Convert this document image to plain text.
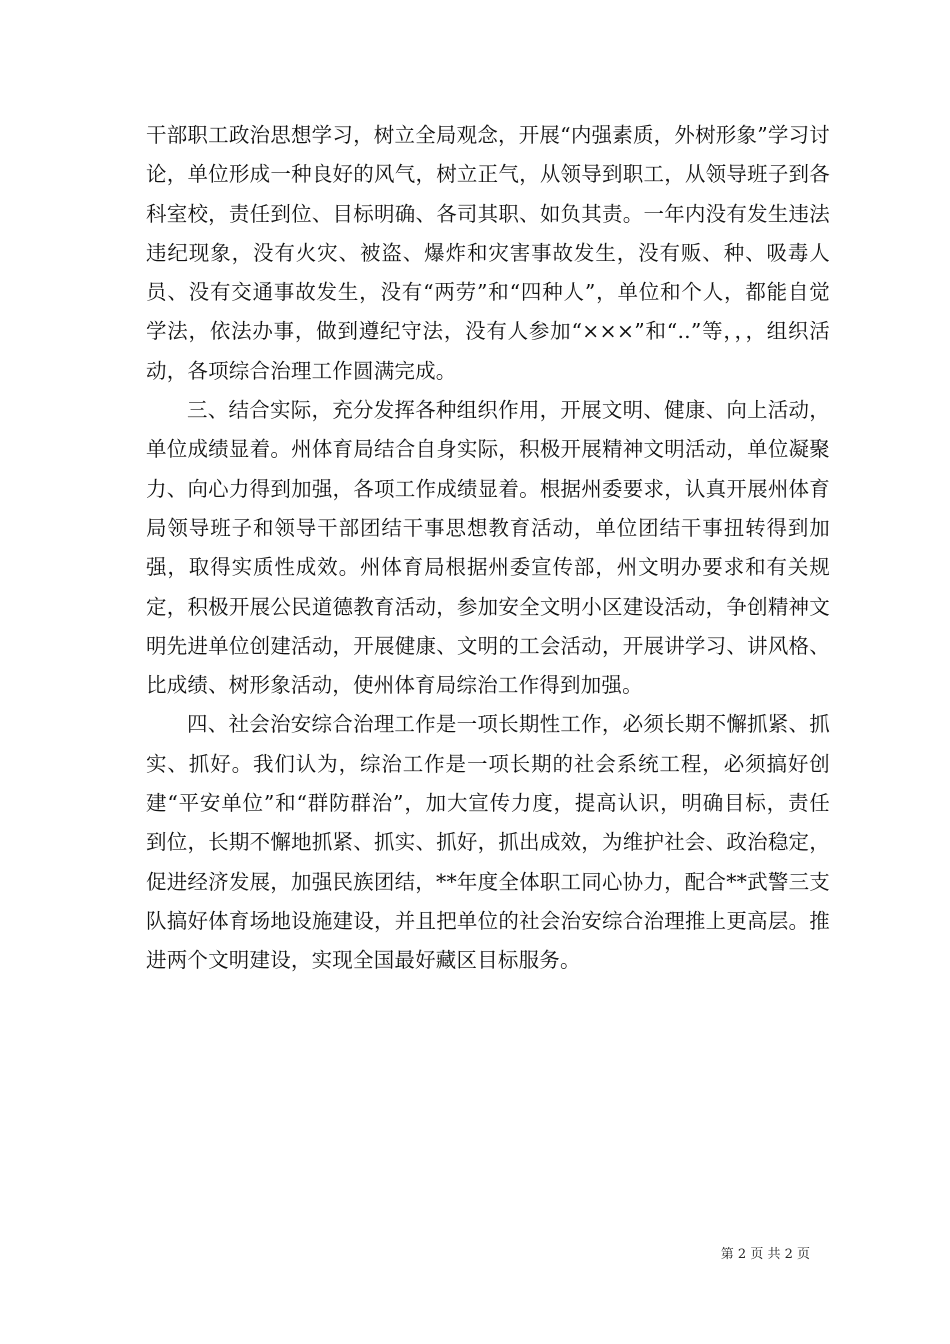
干部职工政治思想学习，树立全局观念，开展“内强素质，外树形象”学习讨论，单位形成一种良好的风气，树立正气，从领导到职工，从领导班子到各科室校，责任到位、目标明确、各司其职、如负其责。一年内没有发生违法违纪现象，没有火灾、被盗、爆炸和灾害事故发生，没有贩、种、吸毒人员、没有交通事故发生，没有“两劳”和“四种人”，单位和个人，都能自觉学法，依法办事，做到遵纪守法，没有人参加“×××”和“..”等，，，组织活动，各项综合治理工作圆满完成。

三、结合实际，充分发挥各种组织作用，开展文明、健康、向上活动，单位成绩显着。州体育局结合自身实际，积极开展精神文明活动，单位凝聚力、向心力得到加强，各项工作成绩显着。根据州委要求，认真开展州体育局领导班子和领导干部团结干事思想教育活动，单位团结干事扭转得到加强，取得实质性成效。州体育局根据州委宣传部，州文明办要求和有关规定，积极开展公民道德教育活动，参加安全文明小区建设活动，争创精神文明先进单位创建活动，开展健康、文明的工会活动，开展讲学习、讲风格、比成绩、树形象活动，使州体育局综治工作得到加强。

四、社会治安综合治理工作是一项长期性工作，必须长期不懈抓紧、抓实、抓好。我们认为，综治工作是一项长期的社会系统工程，必须搞好创建“平安单位”和“群防群治”，加大宣传力度，提高认识，明确目标，责任到位，长期不懈地抓紧、抓实、抓好，抓出成效，为维护社会、政治稳定，促进经济发展，加强民族团结，**年度全体职工同心协力，配合**武警三支队搞好体育场地设施建设，并且把单位的社会治安综合治理推上更高层。推进两个文明建设，实现全国最好藏区目标服务。

第 2 页 共 2 页
